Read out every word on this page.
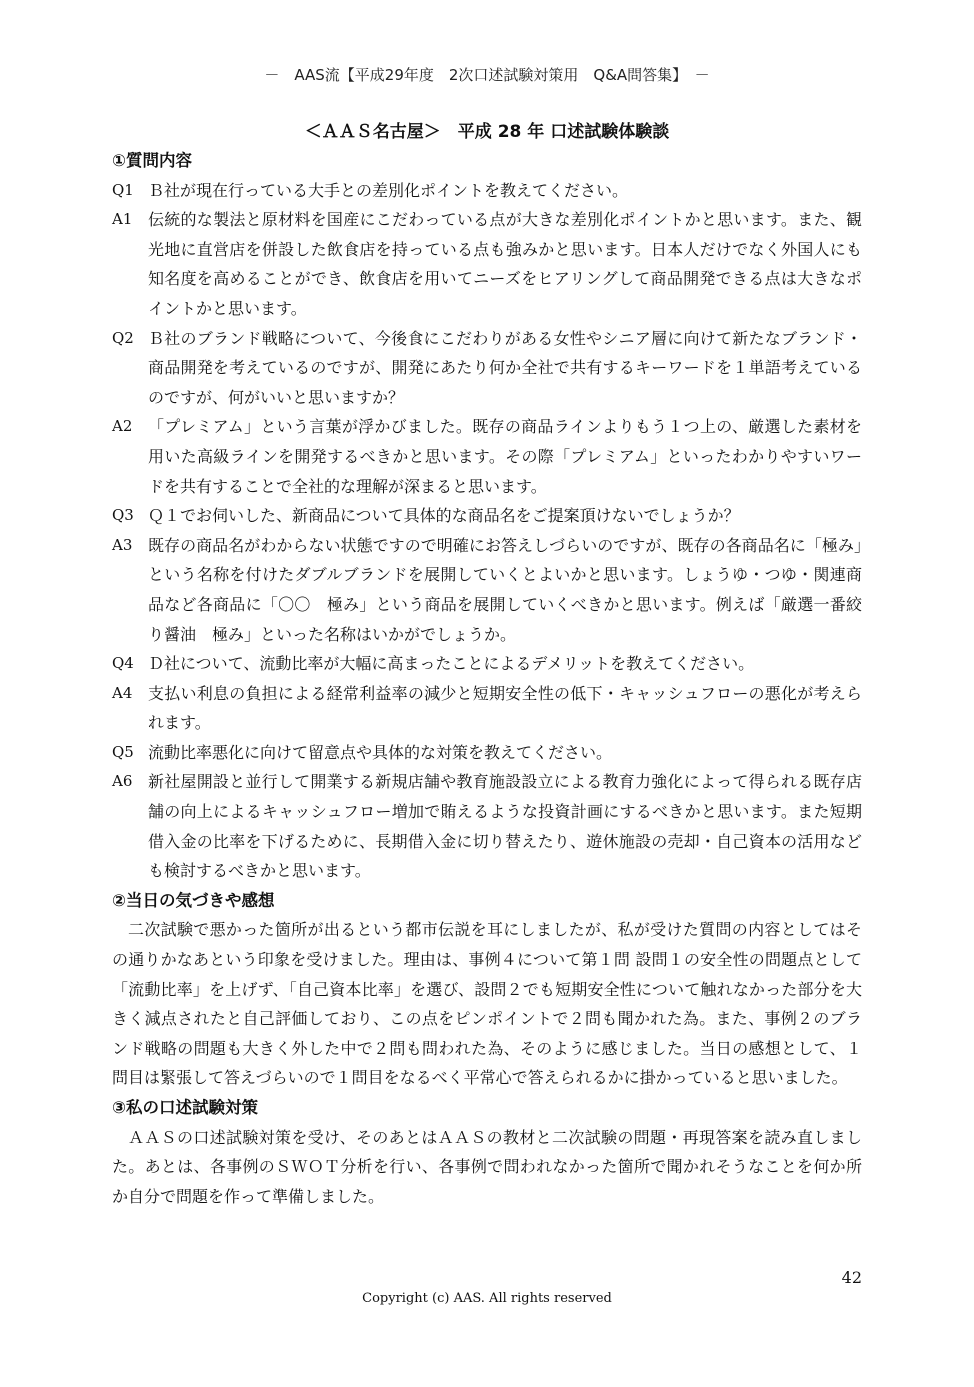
－　AAS流【平成29年度　2次口述試験対策用　Q&A問答集】　－
＜ＡＡＳ名古屋＞　平成 28 年 口述試験体験談
①質問内容
Q1 Ｂ社が現在行っている大手との差別化ポイントを教えてください。
A1 伝統的な製法と原材料を国産にこだわっている点が大きな差別化ポイントかと思います。また、観光地に直営店を併設した飲食店を持っている点も強みかと思います。日本人だけでなく外国人にも知名度を高めることができ、飲食店を用いてニーズをヒアリングして商品開発できる点は大きなポイントかと思います。
Q2 Ｂ社のブランド戦略について、今後食にこだわりがある女性やシニア層に向けて新たなブランド・商品開発を考えているのですが、開発にあたり何か全社で共有するキーワードを１単語考えているのですが、何がいいと思いますか？
A2 「プレミアム」という言葉が浮かびました。既存の商品ラインよりもう１つ上の、厳選した素材を用いた高級ラインを開発するべきかと思います。その際「プレミアム」といったわかりやすいワードを共有することで全社的な理解が深まると思います。
Q3 Ｑ１でお伺いした、新商品について具体的な商品名をご提案頂けないでしょうか？
A3 既存の商品名がわからない状態ですので明確にお答えしづらいのですが、既存の各商品名に「極み」という名称を付けたダブルブランドを展開していくとよいかと思います。しょうゆ・つゆ・関連商品など各商品に「〇〇　極み」という商品を展開していくべきかと思います。例えば「厳選一番絞り醤油　極み」といった名称はいかがでしょうか。
Q4 Ｄ社について、流動比率が大幅に高まったことによるデメリットを教えてください。
A4 支払い利息の負担による経常利益率の減少と短期安全性の低下・キャッシュフローの悪化が考えられます。
Q5 流動比率悪化に向けて留意点や具体的な対策を教えてください。
A6 新社屋開設と並行して開業する新規店舗や教育施設設立による教育力強化によって得られる既存店舗の向上によるキャッシュフロー増加で賄えるような投資計画にするべきかと思います。また短期借入金の比率を下げるために、長期借入金に切り替えたり、遊休施設の売却・自己資本の活用なども検討するべきかと思います。
②当日の気づきや感想
二次試験で悪かった箇所が出るという都市伝説を耳にしましたが、私が受けた質問の内容としてはその通りかなあという印象を受けました。理由は、事例４について第１問 設問１の安全性の問題点として「流動比率」を上げず、「自己資本比率」を選び、設問２でも短期安全性について触れなかった部分を大きく減点されたと自己評価しており、この点をピンポイントで２問も聞かれた為。また、事例２のブランド戦略の問題も大きく外した中で２問も問われた為、そのように感じました。当日の感想として、１問目は緊張して答えづらいので１問目をなるべく平常心で答えられるかに掛かっていると思いました。
③私の口述試験対策
ＡＡＳの口述試験対策を受け、そのあとはＡＡＳの教材と二次試験の問題・再現答案を読み直しました。あとは、各事例のＳＷＯＴ分析を行い、各事例で問われなかった箇所で聞かれそうなことを何か所か自分で問題を作って準備しました。
42
Copyright (c) AAS. All rights reserved
